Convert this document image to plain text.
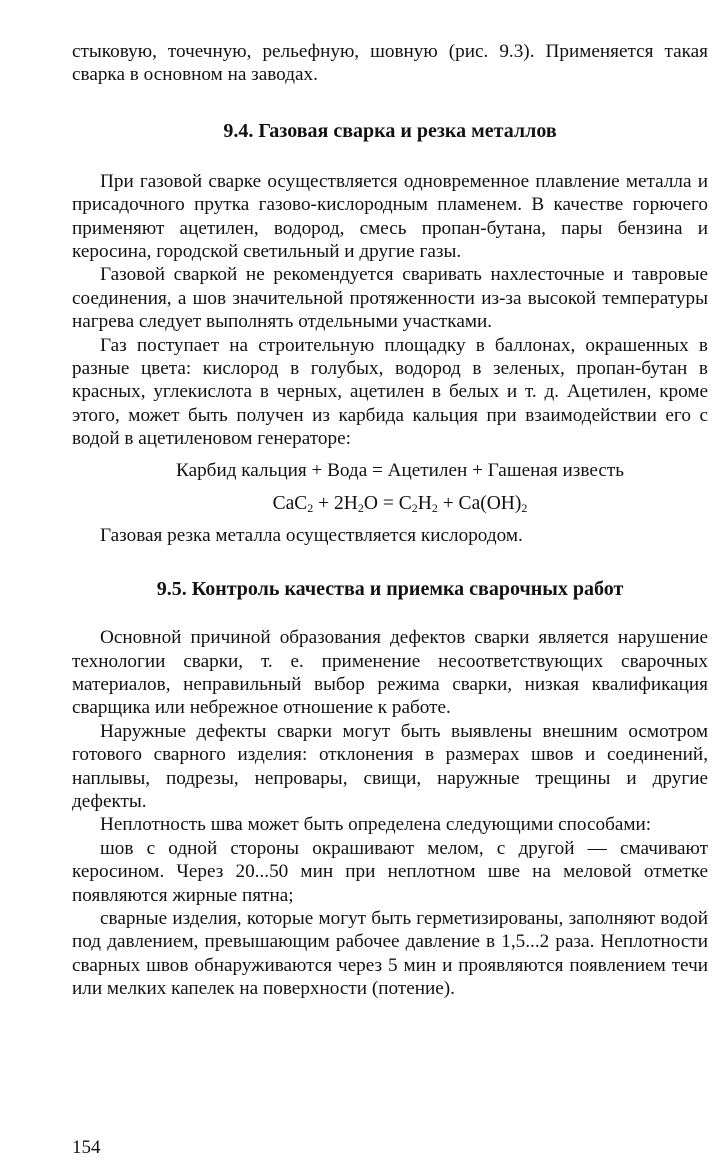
стыковую, точечную, рельефную, шовную (рис. 9.3). Применяется такая сварка в основном на заводах.

9.4. Газовая сварка и резка металлов

При газовой сварке осуществляется одновременное плавление металла и присадочного прутка газово-кислородным пламенем. В качестве горючего применяют ацетилен, водород, смесь пропан-бутана, пары бензина и керосина, городской светильный и другие газы.

Газовой сваркой не рекомендуется сваривать нахлесточные и тавровые соединения, а шов значительной протяженности из-за высокой температуры нагрева следует выполнять отдельными участками.

Газ поступает на строительную площадку в баллонах, окрашенных в разные цвета: кислород в голубых, водород в зеленых, пропан-бутан в красных, углекислота в черных, ацетилен в белых и т. д. Ацетилен, кроме этого, может быть получен из карбида кальция при взаимодействии его с водой в ацетиленовом генераторе:

Карбид кальция + Вода = Ацетилен + Гашеная известь
$CaC_2 + 2H_2O = C_2H_2 + Ca(OH)_2$

Газовая резка металла осуществляется кислородом.

9.5. Контроль качества и приемка сварочных работ

Основной причиной образования дефектов сварки является нарушение технологии сварки, т. е. применение несоответствующих сварочных материалов, неправильный выбор режима сварки, низкая квалификация сварщика или небрежное отношение к работе.

Наружные дефекты сварки могут быть выявлены внешним осмотром готового сварного изделия: отклонения в размерах швов и соединений, наплывы, подрезы, непровары, свищи, наружные трещины и другие дефекты.

Неплотность шва может быть определена следующими способами:

шов с одной стороны окрашивают мелом, с другой — смачивают керосином. Через 20...50 мин при неплотном шве на меловой отметке появляются жирные пятна;

сварные изделия, которые могут быть герметизированы, заполняют водой под давлением, превышающим рабочее давление в 1,5...2 раза. Неплотности сварных швов обнаруживаются через 5 мин и проявляются появлением течи или мелких капелек на поверхности (потение).

154
